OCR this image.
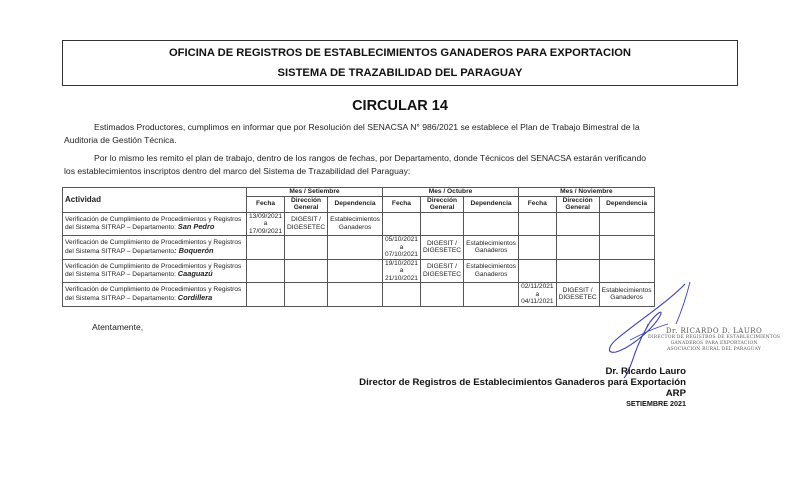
OFICINA DE REGISTROS DE ESTABLECIMIENTOS GANADEROS PARA EXPORTACION
SISTEMA DE TRAZABILIDAD DEL PARAGUAY
CIRCULAR 14
Estimados Productores, cumplimos en informar que por Resolución del SENACSA N° 986/2021 se establece el Plan de Trabajo Bimestral de la
Auditoria de Gestión Técnica.
Por lo mismo les remito el plan de trabajo, dentro de los rangos de fechas, por Departamento, donde Técnicos del SENACSA estarán verificando
los establecimientos inscriptos dentro del marco del Sistema de Trazabilidad del Paraguay:
Actividad	Mes / Setiembre			Mes / Octubre			Mes / Noviembre		
	Fecha	Dirección General	Dependencia	Fecha	Dirección General	Dependencia	Fecha	Dirección General	Dependencia
Verificación de Cumplimiento de Procedimientos y Registros del Sistema SITRAP – Departamento: San Pedro	13/09/2021 a 17/09/2021	DIGESIT / DIGESETEC	Establecimientos Ganaderos						
Verificación de Cumplimiento de Procedimientos y Registros del Sistema SITRAP – Departamento: Boquerón				05/10/2021 a 07/10/2021	DIGESIT / DIGESETEC	Establecimientos Ganaderos			
Verificación de Cumplimiento de Procedimientos y Registros del Sistema SITRAP – Departamento: Caaguazú				19/10/2021 a 21/10/2021	DIGESIT / DIGESETEC	Establecimientos Ganaderos			
Verificación de Cumplimiento de Procedimientos y Registros del Sistema SITRAP – Departamento: Cordillera							02/11/2021 a 04/11/2021	DIGESIT / DIGESETEC	Establecimientos Ganaderos
Atentamente,	Dr. RICARDO D. LAURO
DIRECTOR DE REGISTROS DE ESTABLECIMIENTOS
GANADEROS PARA EXPORTACION
ASOCIACION RURAL DEL PARAGUAY
Dr. Ricardo Lauro
Director de Registros de Establecimientos Ganaderos para Exportación
ARP
SETIEMBRE 2021
